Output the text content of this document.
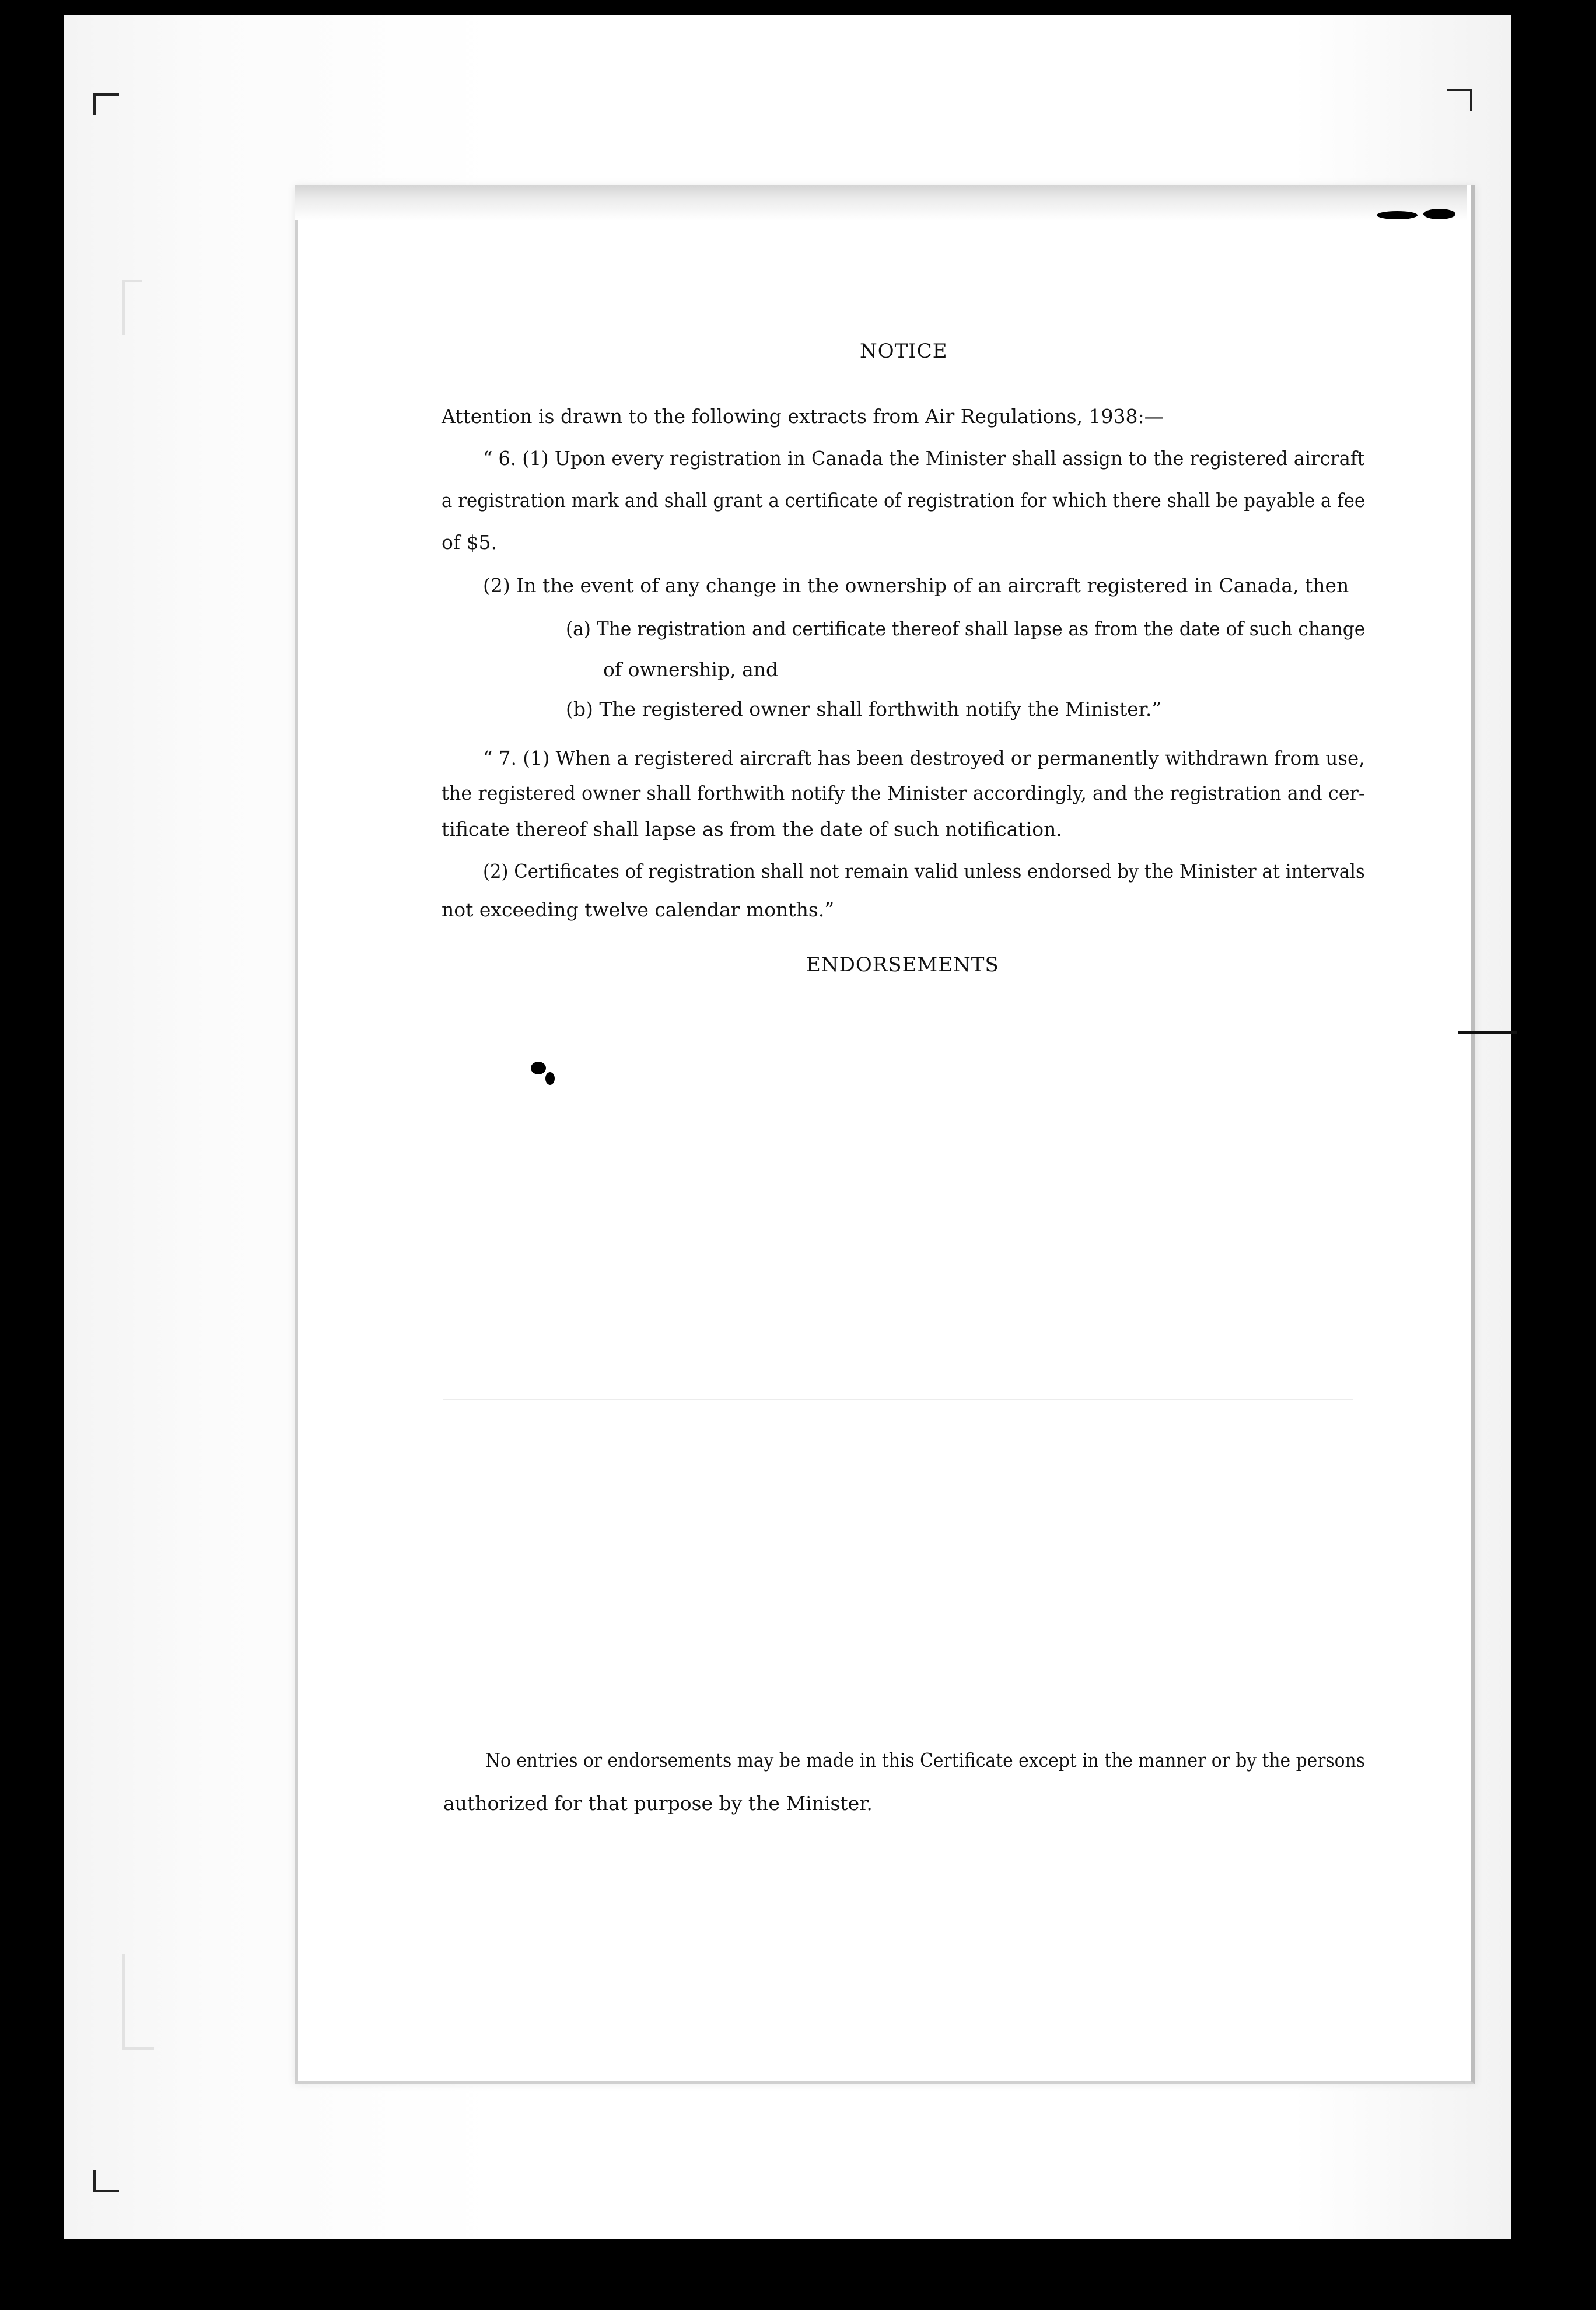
NOTICE
Attention is drawn to the following extracts from Air Regulations, 1938:—
“ 6. (1) Upon every registration in Canada the Minister shall assign to the registered aircraft
a registration mark and shall grant a certificate of registration for which there shall be payable a fee
of $5.
(2) In the event of any change in the ownership of an aircraft registered in Canada, then
(a) The registration and certificate thereof shall lapse as from the date of such change
of ownership, and
(b) The registered owner shall forthwith notify the Minister.”
“ 7. (1) When a registered aircraft has been destroyed or permanently withdrawn from use,
the registered owner shall forthwith notify the Minister accordingly, and the registration and cer-
tificate thereof shall lapse as from the date of such notification.
(2) Certificates of registration shall not remain valid unless endorsed by the Minister at intervals
not exceeding twelve calendar months.”
ENDORSEMENTS
No entries or endorsements may be made in this Certificate except in the manner or by the persons
authorized for that purpose by the Minister.
